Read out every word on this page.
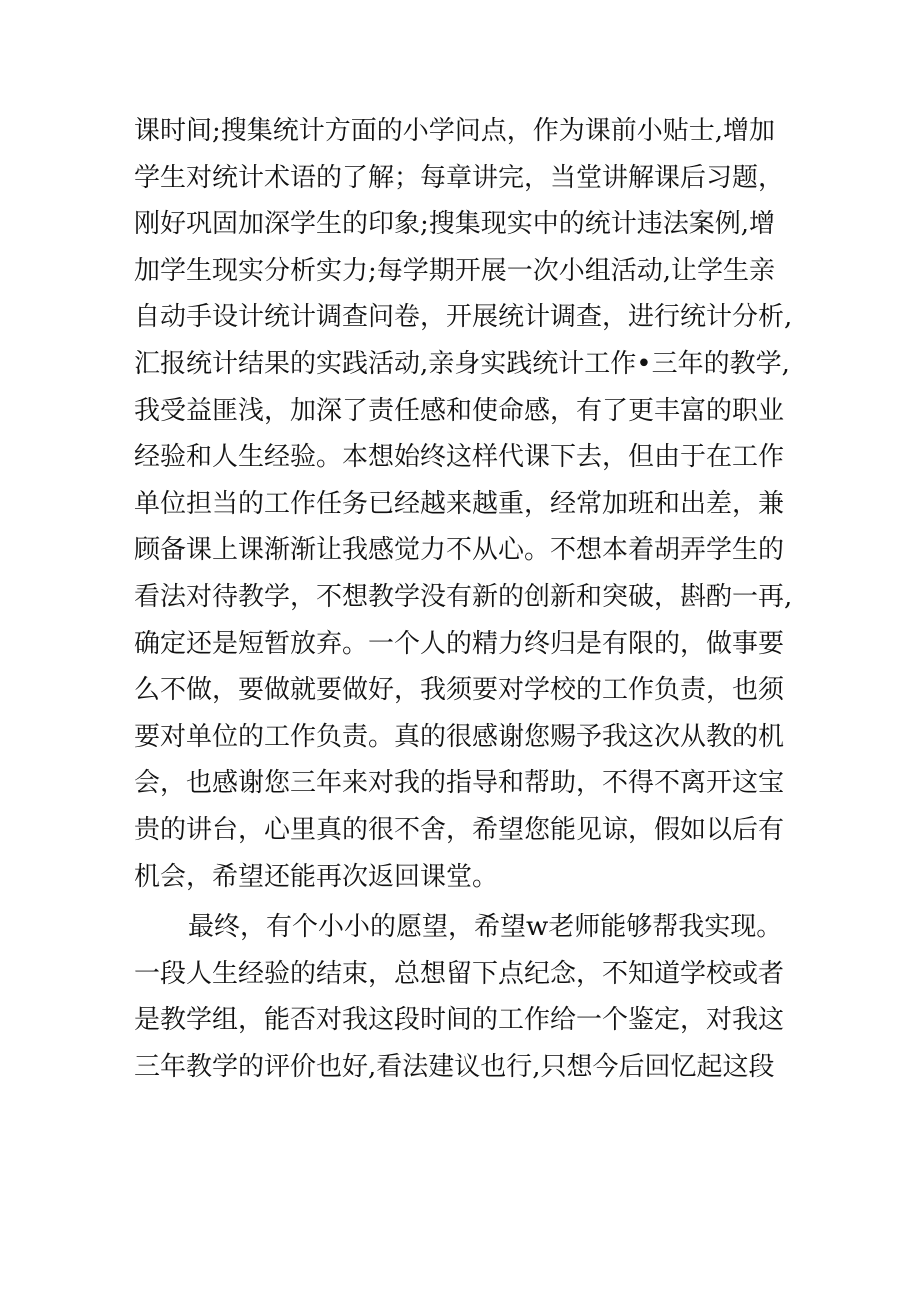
课时间;搜集统计方面的小学问点，作为课前小贴士,增加
学生对统计术语的了解；每章讲完，当堂讲解课后习题，
刚好巩固加深学生的印象;搜集现实中的统计违法案例,增
加学生现实分析实力;每学期开展一次小组活动,让学生亲
自动手设计统计调查问卷，开展统计调查，进行统计分析,
汇报统计结果的实践活动,亲身实践统计工作•三年的教学,
我受益匪浅，加深了责任感和使命感，有了更丰富的职业
经验和人生经验。本想始终这样代课下去，但由于在工作
单位担当的工作任务已经越来越重，经常加班和出差，兼
顾备课上课渐渐让我感觉力不从心。不想本着胡弄学生的
看法对待教学，不想教学没有新的创新和突破，斟酌一再,
确定还是短暂放弃。一个人的精力终归是有限的，做事要
么不做，要做就要做好，我须要对学校的工作负责，也须
要对单位的工作负责。真的很感谢您赐予我这次从教的机
会，也感谢您三年来对我的指导和帮助，不得不离开这宝
贵的讲台，心里真的很不舍，希望您能见谅，假如以后有
机会，希望还能再次返回课堂。
最终，有个小小的愿望，希望w老师能够帮我实现。
一段人生经验的结束，总想留下点纪念，不知道学校或者
是教学组，能否对我这段时间的工作给一个鉴定，对我这
三年教学的评价也好,看法建议也行,只想今后回忆起这段
